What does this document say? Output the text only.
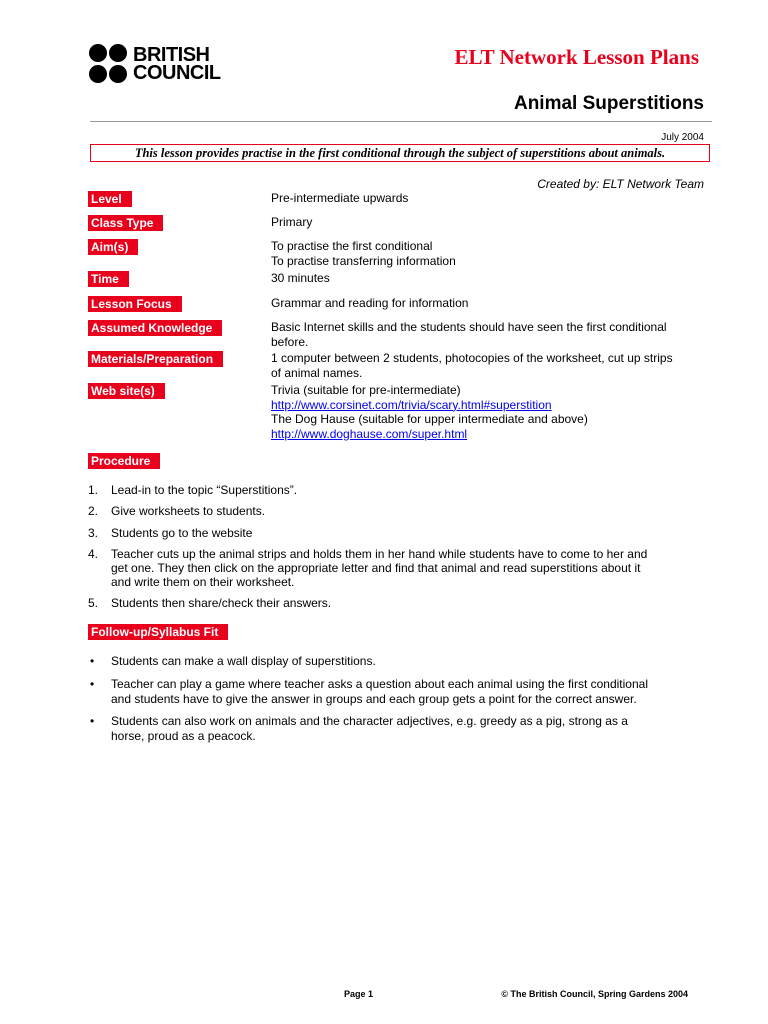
BRITISH
COUNCIL
ELT Network Lesson Plans
Animal Superstitions
July 2004
This lesson provides practise in the first conditional through the subject of superstitions about animals.
Created by: ELT Network Team
Level	Pre-intermediate upwards
Class Type	Primary
Aim(s)	To practise the first conditional
To practise transferring information
Time	30 minutes
Lesson Focus	Grammar and reading for information
Assumed Knowledge	Basic Internet skills and the students should have seen the first conditional
before.
Materials/Preparation	1 computer between 2 students, photocopies of the worksheet, cut up strips
of animal names.
Web site(s)	Trivia (suitable for pre-intermediate)
http://www.corsinet.com/trivia/scary.html#superstition
The Dog Hause (suitable for upper intermediate and above)
http://www.doghause.com/super.html
Procedure
1.	Lead-in to the topic “Superstitions”.
2.	Give worksheets to students.
3.	Students go to the website
4.	Teacher cuts up the animal strips and holds them in her hand while students have to come to her and
get one. They then click on the appropriate letter and find that animal and read superstitions about it
and write them on their worksheet.
5.	Students then share/check their answers.
Follow-up/Syllabus Fit
• Students can make a wall display of superstitions.
• Teacher can play a game where teacher asks a question about each animal using the first conditional
and students have to give the answer in groups and each group gets a point for the correct answer.
• Students can also work on animals and the character adjectives, e.g. greedy as a pig, strong as a
horse, proud as a peacock.
Page 1	© The British Council, Spring Gardens 2004
